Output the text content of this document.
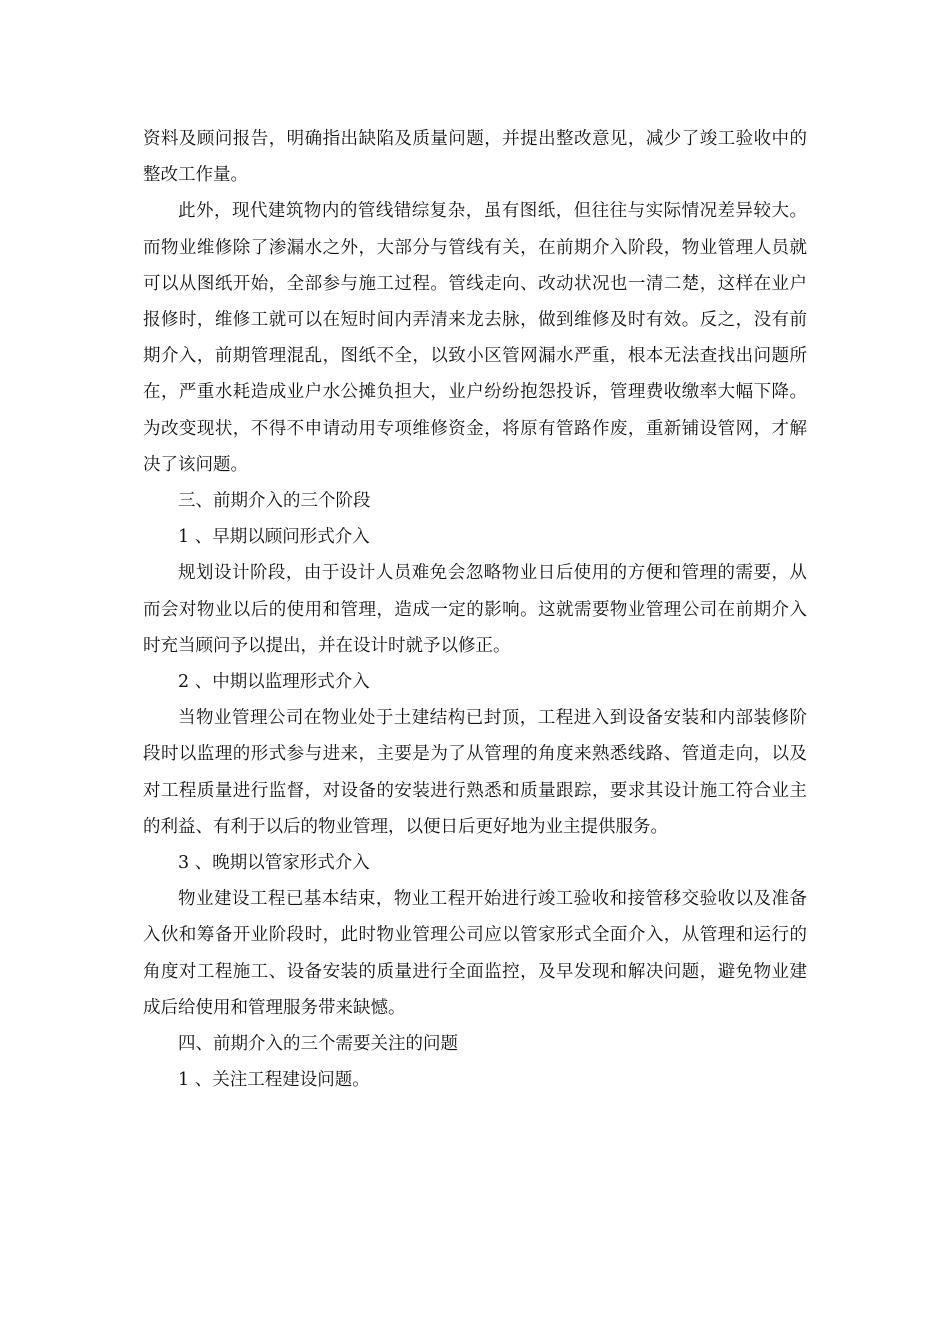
资料及顾问报告，明确指出缺陷及质量问题，并提出整改意见，减少了竣工验收中的整改工作量。

此外，现代建筑物内的管线错综复杂，虽有图纸，但往往与实际情况差异较大。而物业维修除了渗漏水之外，大部分与管线有关，在前期介入阶段，物业管理人员就可以从图纸开始，全部参与施工过程。管线走向、改动状况也一清二楚，这样在业户报修时，维修工就可以在短时间内弄清来龙去脉，做到维修及时有效。反之，没有前期介入，前期管理混乱，图纸不全，以致小区管网漏水严重，根本无法查找出问题所在，严重水耗造成业户水公摊负担大，业户纷纷抱怨投诉，管理费收缴率大幅下降。为改变现状，不得不申请动用专项维修资金，将原有管路作废，重新铺设管网，才解决了该问题。

三、前期介入的三个阶段

1 、早期以顾问形式介入

规划设计阶段，由于设计人员难免会忽略物业日后使用的方便和管理的需要，从而会对物业以后的使用和管理，造成一定的影响。这就需要物业管理公司在前期介入时充当顾问予以提出，并在设计时就予以修正。

2 、中期以监理形式介入

当物业管理公司在物业处于土建结构已封顶，工程进入到设备安装和内部装修阶段时以监理的形式参与进来，主要是为了从管理的角度来熟悉线路、管道走向，以及对工程质量进行监督，对设备的安装进行熟悉和质量跟踪，要求其设计施工符合业主的利益、有利于以后的物业管理，以便日后更好地为业主提供服务。

3 、晚期以管家形式介入

物业建设工程已基本结束，物业工程开始进行竣工验收和接管移交验收以及准备入伙和筹备开业阶段时，此时物业管理公司应以管家形式全面介入，从管理和运行的角度对工程施工、设备安装的质量进行全面监控，及早发现和解决问题，避免物业建成后给使用和管理服务带来缺憾。

四、前期介入的三个需要关注的问题

1 、关注工程建设问题。
